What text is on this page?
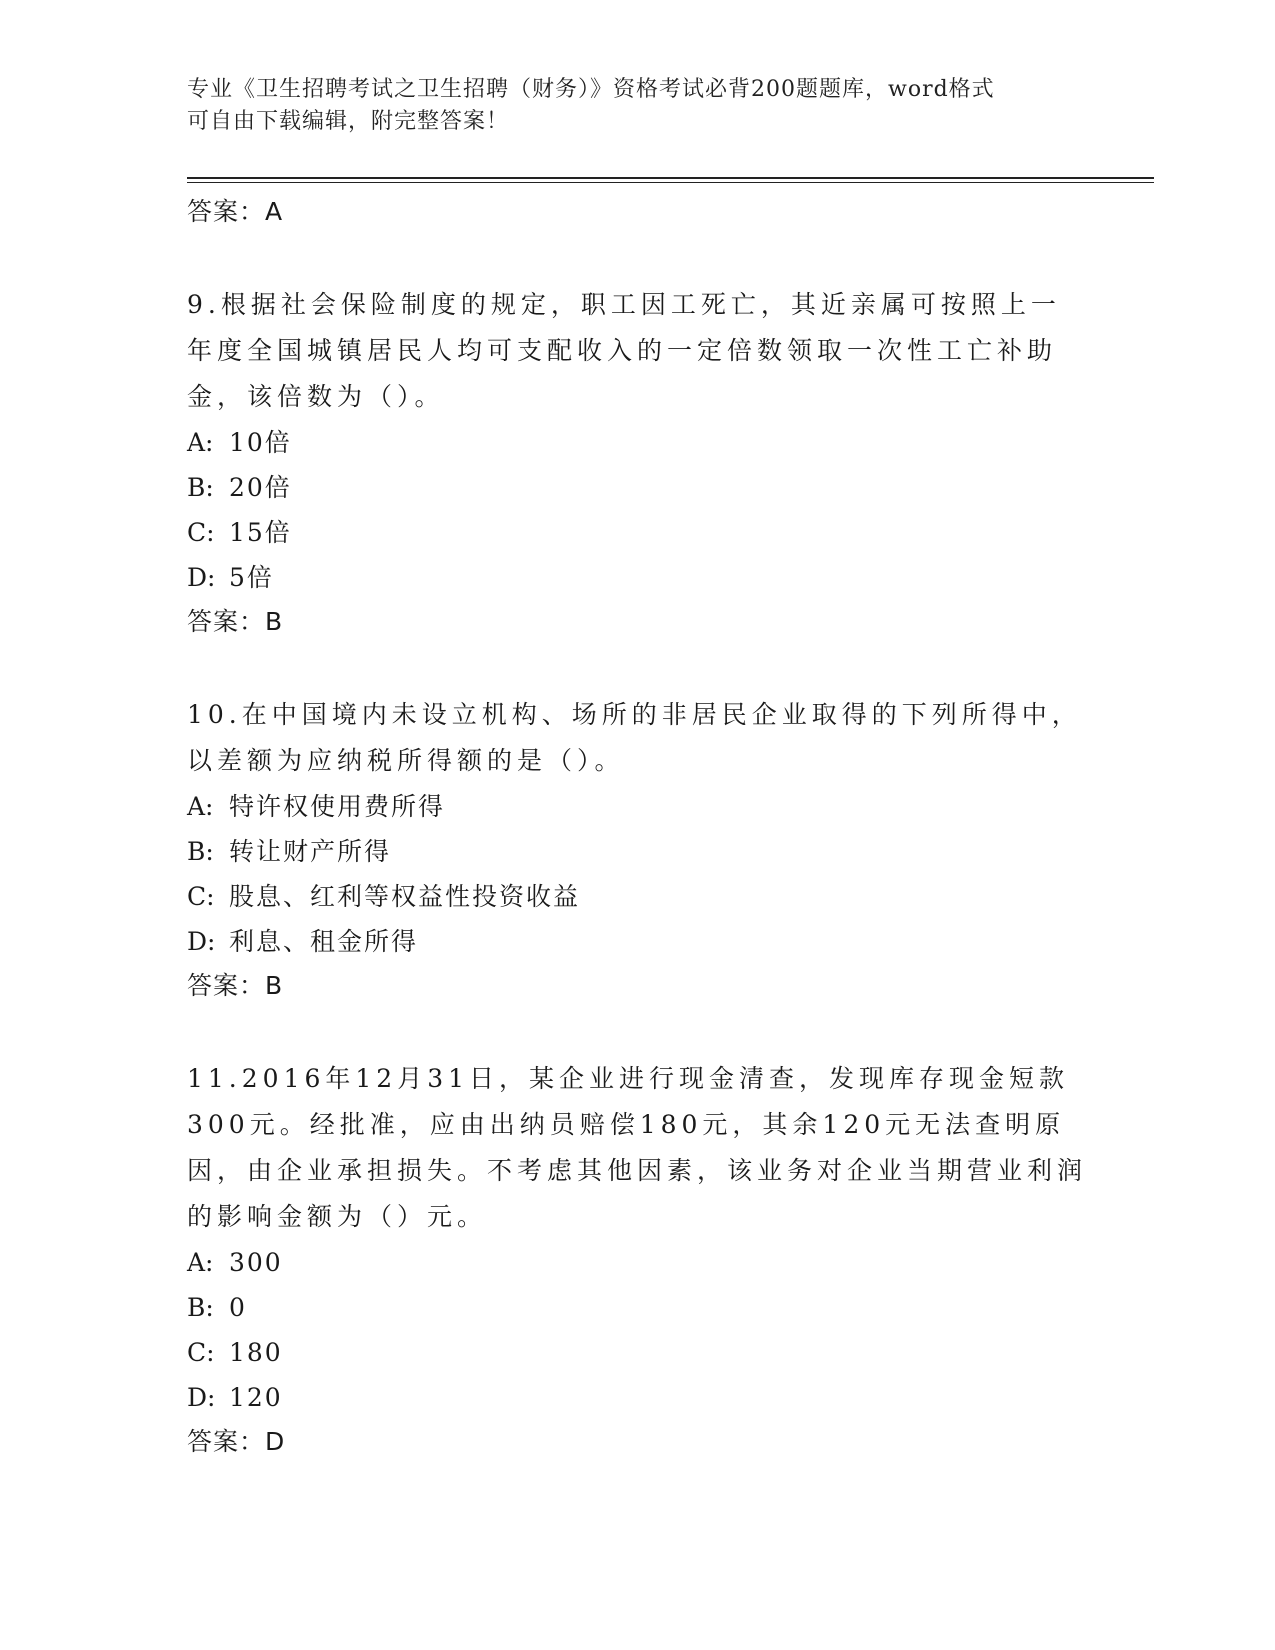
专业《卫生招聘考试之卫生招聘（财务）》资格考试必背200题题库，word格式
可自由下载编辑，附完整答案！
答案：A
9.根据社会保险制度的规定，职工因工死亡，其近亲属可按照上一年度全国城镇居民人均可支配收入的一定倍数领取一次性工亡补助金，该倍数为（）。
A: 10倍
B: 20倍
C: 15倍
D: 5倍
答案：B
10.在中国境内未设立机构、场所的非居民企业取得的下列所得中，以差额为应纳税所得额的是（）。
A: 特许权使用费所得
B: 转让财产所得
C: 股息、红利等权益性投资收益
D: 利息、租金所得
答案：B
11.2016年12月31日，某企业进行现金清查，发现库存现金短款300元。经批准，应由出纳员赔偿180元，其余120元无法查明原因，由企业承担损失。不考虑其他因素，该业务对企业当期营业利润的影响金额为（）元。
A: 300
B: 0
C: 180
D: 120
答案：D
